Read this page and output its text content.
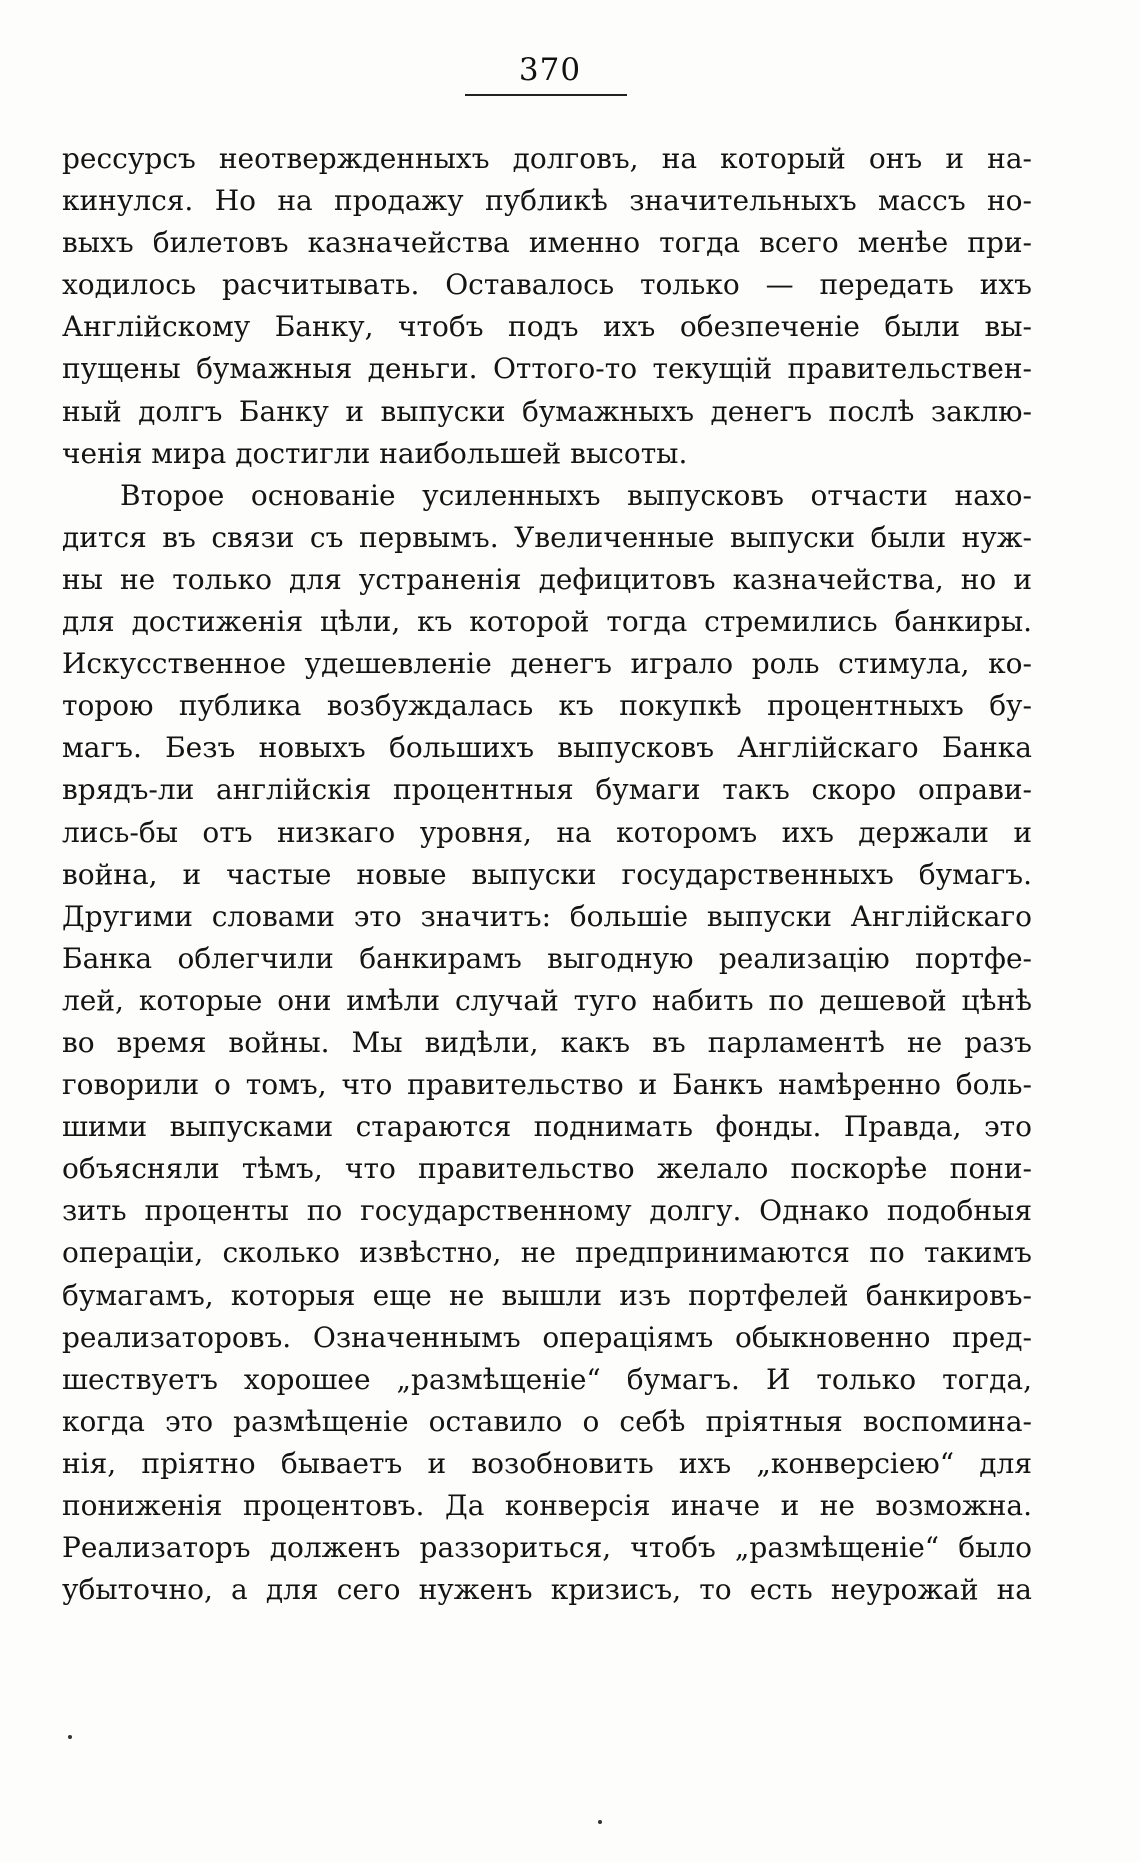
370
рессурсъ неотвержденныхъ долговъ, на который онъ и на-
кинулся. Но на продажу публикѣ значительныхъ массъ но-
выхъ билетовъ казначейства именно тогда всего менѣе при-
ходилось расчитывать. Оставалось только — передать ихъ
Англійскому Банку, чтобъ подъ ихъ обезпеченіе были вы-
пущены бумажныя деньги. Оттого-то текущій правительствен-
ный долгъ Банку и выпуски бумажныхъ денегъ послѣ заклю-
ченія мира достигли наибольшей высоты.
Второе основаніе усиленныхъ выпусковъ отчасти нахо-
дится въ связи съ первымъ. Увеличенные выпуски были нуж-
ны не только для устраненія дефицитовъ казначейства, но и
для достиженія цѣли, къ которой тогда стремились банкиры.
Искусственное удешевленіе денегъ играло роль стимула, ко-
торою публика возбуждалась къ покупкѣ процентныхъ бу-
магъ. Безъ новыхъ большихъ выпусковъ Англійскаго Банка
врядъ-ли англійскія процентныя бумаги такъ скоро оправи-
лись-бы отъ низкаго уровня, на которомъ ихъ держали и
война, и частые новые выпуски государственныхъ бумагъ.
Другими словами это значитъ: большіе выпуски Англійскаго
Банка облегчили банкирамъ выгодную реализацію портфе-
лей, которые они имѣли случай туго набить по дешевой цѣнѣ
во время войны. Мы видѣли, какъ въ парламентѣ не разъ
говорили о томъ, что правительство и Банкъ намѣренно боль-
шими выпусками стараются поднимать фонды. Правда, это
объясняли тѣмъ, что правительство желало поскорѣе пони-
зить проценты по государственному долгу. Однако подобныя
операціи, сколько извѣстно, не предпринимаются по такимъ
бумагамъ, которыя еще не вышли изъ портфелей банкировъ-
реализаторовъ. Означеннымъ операціямъ обыкновенно пред-
шествуетъ хорошее „размѣщеніе“ бумагъ. И только тогда,
когда это размѣщеніе оставило о себѣ пріятныя воспомина-
нія, пріятно бываетъ и возобновить ихъ „конверсіею“ для
пониженія процентовъ. Да конверсія иначе и не возможна.
Реализаторъ долженъ раззориться, чтобъ „размѣщеніе“ было
убыточно, а для сего нуженъ кризисъ, то есть неурожай на
